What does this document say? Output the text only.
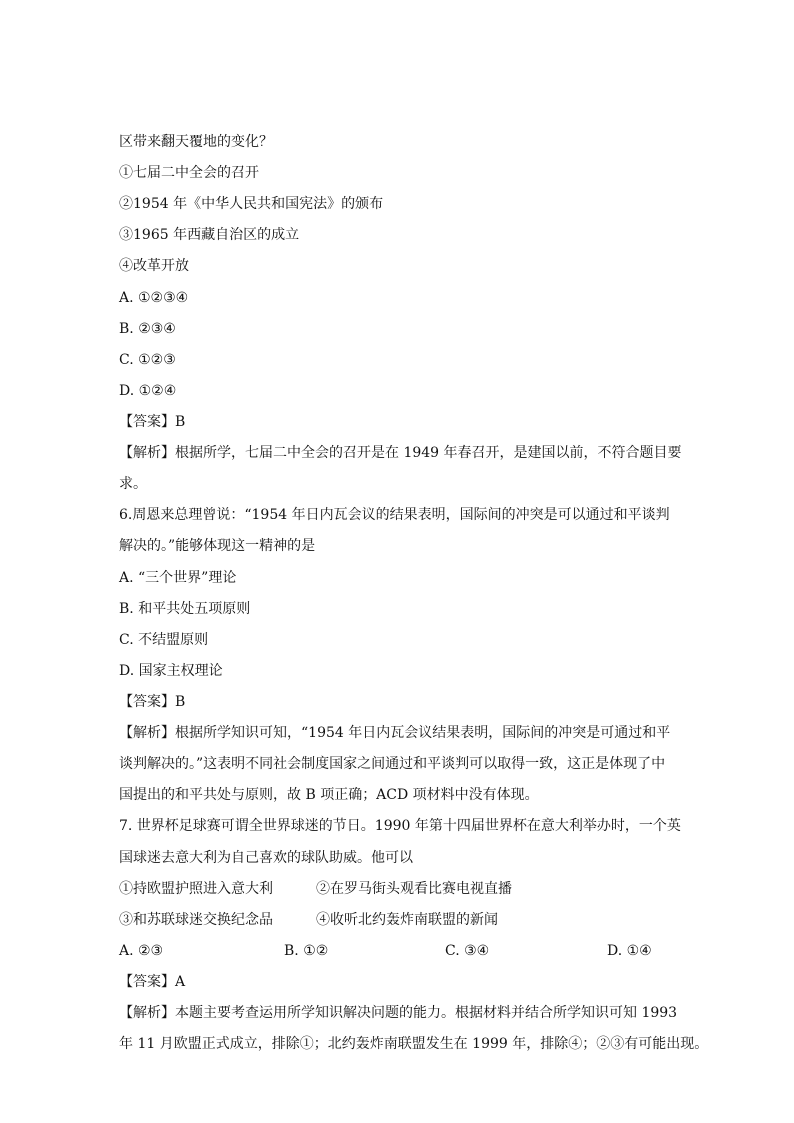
区带来翻天覆地的变化？
①七届二中全会的召开
②1954 年《中华人民共和国宪法》的颁布
③1965 年西藏自治区的成立
④改革开放
A. ①②③④
B. ②③④
C. ①②③
D. ①②④
【答案】B
【解析】根据所学，七届二中全会的召开是在 1949 年春召开，是建国以前，不符合题目要
求。
6.周恩来总理曾说：“1954 年日内瓦会议的结果表明，国际间的冲突是可以通过和平谈判
解决的。”能够体现这一精神的是
A. “三个世界”理论
B. 和平共处五项原则
C. 不结盟原则
D. 国家主权理论
【答案】B
【解析】根据所学知识可知，“1954 年日内瓦会议结果表明，国际间的冲突是可通过和平
谈判解决的。”这表明不同社会制度国家之间通过和平谈判可以取得一致，这正是体现了中
国提出的和平共处与原则，故 B 项正确；ACD 项材料中没有体现。
7. 世界杯足球赛可谓全世界球迷的节日。1990 年第十四届世界杯在意大利举办时，一个英
国球迷去意大利为自己喜欢的球队助威。他可以
①持欧盟护照进入意大利	②在罗马街头观看比赛电视直播
③和苏联球迷交换纪念品	④收听北约轰炸南联盟的新闻
A. ②③	B. ①②	C. ③④	D. ①④
【答案】A
【解析】本题主要考查运用所学知识解决问题的能力。根据材料并结合所学知识可知 1993
年 11 月欧盟正式成立，排除①；北约轰炸南联盟发生在 1999 年，排除④；②③有可能出现。
